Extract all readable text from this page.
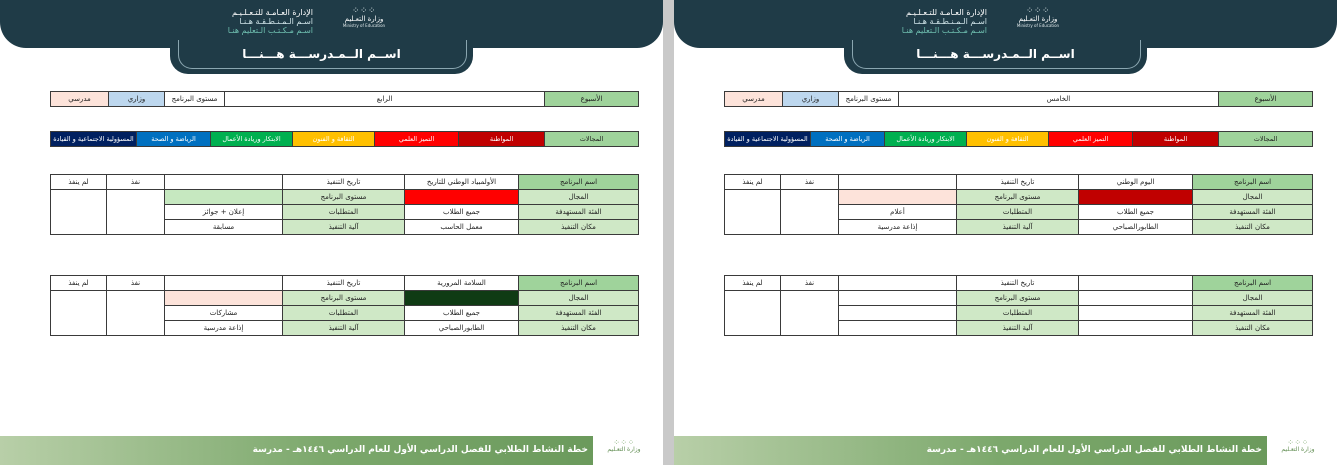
الإدارة العـامـة للتـعـلـيـم
اسـم الـمـنـطـقـة هـنـا
اسـم مـكـتـب الـتعليم هنـا
⁘⁘⁘
وزارة التعـليم
Ministry of Education
اســم الــمـدرســـة هـــنـــا
الأسبوع	الرابع	مستوى البرنامج	وزاري	مدرسي
المجالات	المواطنة	التميز العلمي	الثقافة و الفنون	الابتكار وريادة الأعمال	الرياضة و الصحة	المسؤولية الاجتماعية و القيادة
اسم البرنامج	الأولمبياد الوطني للتاريخ	تاريخ التنفيذ		نفذ	لم ينفذ
المجال		مستوى البرنامج			
الفئة المستهدفة	جميع الطلاب	المتطلبات	إعلان + جوائز		
مكان التنفيذ	معمل الحاسب	آلية التنفيذ	مسابقة		
اسم البرنامج	السلامة المرورية	تاريخ التنفيذ		نفذ	لم ينفذ
المجال		مستوى البرنامج			
الفئة المستهدفة	جميع الطلاب	المتطلبات	مشاركات		
مكان التنفيذ	الطابورالصباحي	آلية التنفيذ	إذاعة مدرسية		
خطة النشاط الطلابي للفصل الدراسي الأول للعام الدراسي ١٤٤٦هـ - مدرسة
⁘⁘⁘
وزارة التعـليم
الإدارة العـامـة للتـعـلـيـم
اسـم الـمـنـطـقـة هـنـا
اسـم مـكـتـب الـتعليم هنـا
⁘⁘⁘
وزارة التعـليم
Ministry of Education
اســم الــمـدرســـة هـــنـــا
الأسبوع	الخامس	مستوى البرنامج	وزاري	مدرسي
المجالات	المواطنة	التميز العلمي	الثقافة و الفنون	الابتكار وريادة الأعمال	الرياضة و الصحة	المسؤولية الاجتماعية و القيادة
اسم البرنامج	اليوم الوطني	تاريخ التنفيذ		نفذ	لم ينفذ
المجال		مستوى البرنامج			
الفئة المستهدفة	جميع الطلاب	المتطلبات	أعلام		
مكان التنفيذ	الطابورالصباحي	آلية التنفيذ	إذاعة مدرسية		
اسم البرنامج		تاريخ التنفيذ		نفذ	لم ينفذ
المجال		مستوى البرنامج			
الفئة المستهدفة		المتطلبات			
مكان التنفيذ		آلية التنفيذ			
خطة النشاط الطلابي للفصل الدراسي الأول للعام الدراسي ١٤٤٦هـ - مدرسة
⁘⁘⁘
وزارة التعـليم
